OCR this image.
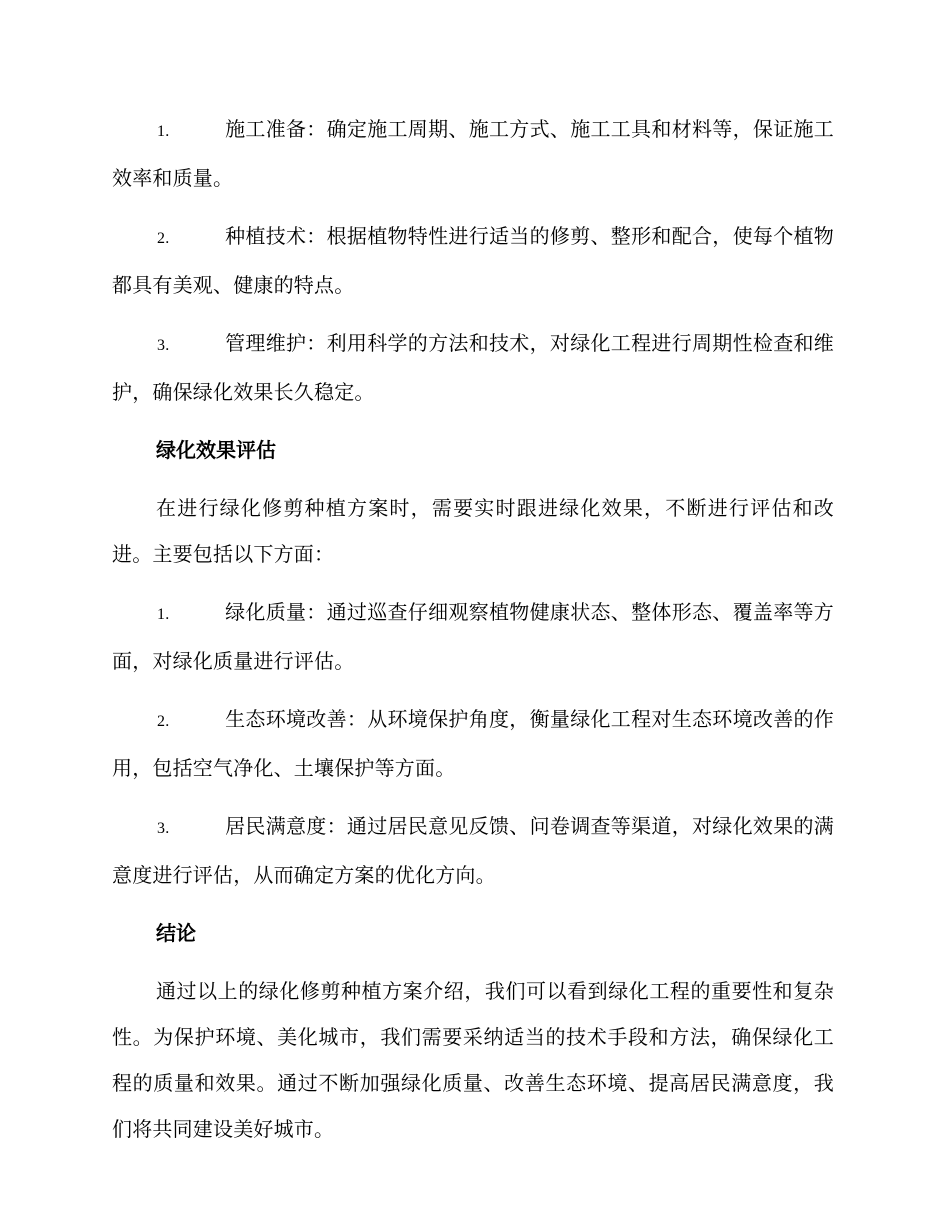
1.	施工准备：确定施工周期、施工方式、施工工具和材料等，保证施工效率和质量。

2.	种植技术：根据植物特性进行适当的修剪、整形和配合，使每个植物都具有美观、健康的特点。

3.	管理维护：利用科学的方法和技术，对绿化工程进行周期性检查和维护，确保绿化效果长久稳定。

绿化效果评估

在进行绿化修剪种植方案时，需要实时跟进绿化效果，不断进行评估和改进。主要包括以下方面：

1.	绿化质量：通过巡查仔细观察植物健康状态、整体形态、覆盖率等方面，对绿化质量进行评估。

2.	生态环境改善：从环境保护角度，衡量绿化工程对生态环境改善的作用，包括空气净化、土壤保护等方面。

3.	居民满意度：通过居民意见反馈、问卷调查等渠道，对绿化效果的满意度进行评估，从而确定方案的优化方向。

结论

通过以上的绿化修剪种植方案介绍，我们可以看到绿化工程的重要性和复杂性。为保护环境、美化城市，我们需要采纳适当的技术手段和方法，确保绿化工程的质量和效果。通过不断加强绿化质量、改善生态环境、提高居民满意度，我们将共同建设美好城市。
